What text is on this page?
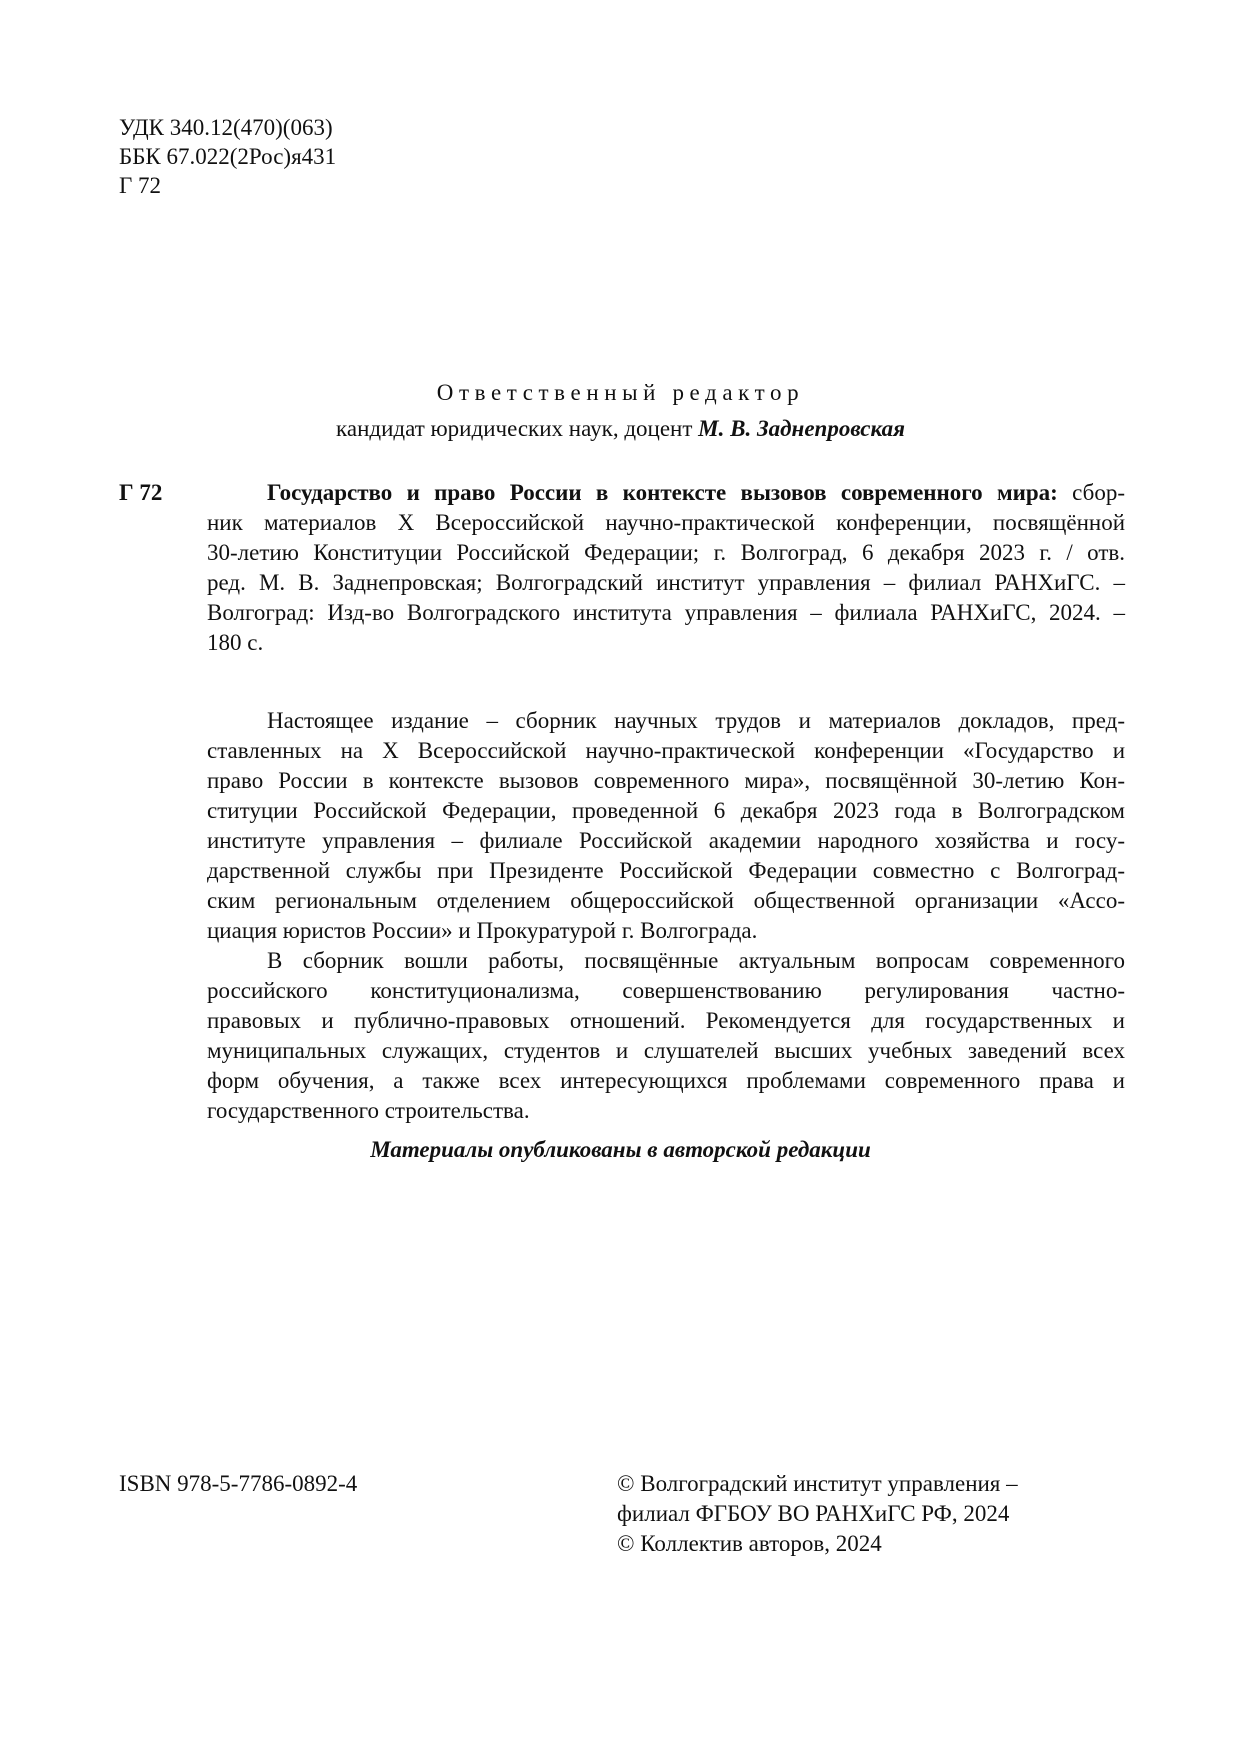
УДК 340.12(470)(063)
ББК 67.022(2Рос)я431
Г 72
Ответственный редактор
кандидат юридических наук, доцент М. В. Заднепровская
Г 72	Государство и право России в контексте вызовов современного мира: сбор-
ник материалов X Всероссийской научно-практической конференции, посвящённой
30-летию Конституции Российской Федерации; г. Волгоград, 6 декабря 2023 г. / отв.
ред. М. В. Заднепровская; Волгоградский институт управления – филиал РАНХиГС. –
Волгоград: Изд-во Волгоградского института управления – филиала РАНХиГС, 2024. –
180 с.
Настоящее издание – сборник научных трудов и материалов докладов, пред-
ставленных на X Всероссийской научно-практической конференции «Государство и
право России в контексте вызовов современного мира», посвящённой 30-летию Кон-
ституции Российской Федерации, проведенной 6 декабря 2023 года в Волгоградском
институте управления – филиале Российской академии народного хозяйства и госу-
дарственной службы при Президенте Российской Федерации совместно с Волгоград-
ским региональным отделением общероссийской общественной организации «Ассо-
циация юристов России» и Прокуратурой г. Волгограда.
В сборник вошли работы, посвящённые актуальным вопросам современного
российского конституционализма, совершенствованию регулирования частно-
правовых и публично-правовых отношений. Рекомендуется для государственных и
муниципальных служащих, студентов и слушателей высших учебных заведений всех
форм обучения, а также всех интересующихся проблемами современного права и
государственного строительства.
Материалы опубликованы в авторской редакции
ISBN 978-5-7786-0892-4	© Волгоградский институт управления –
филиал ФГБОУ ВО РАНХиГС РФ, 2024
© Коллектив авторов, 2024
